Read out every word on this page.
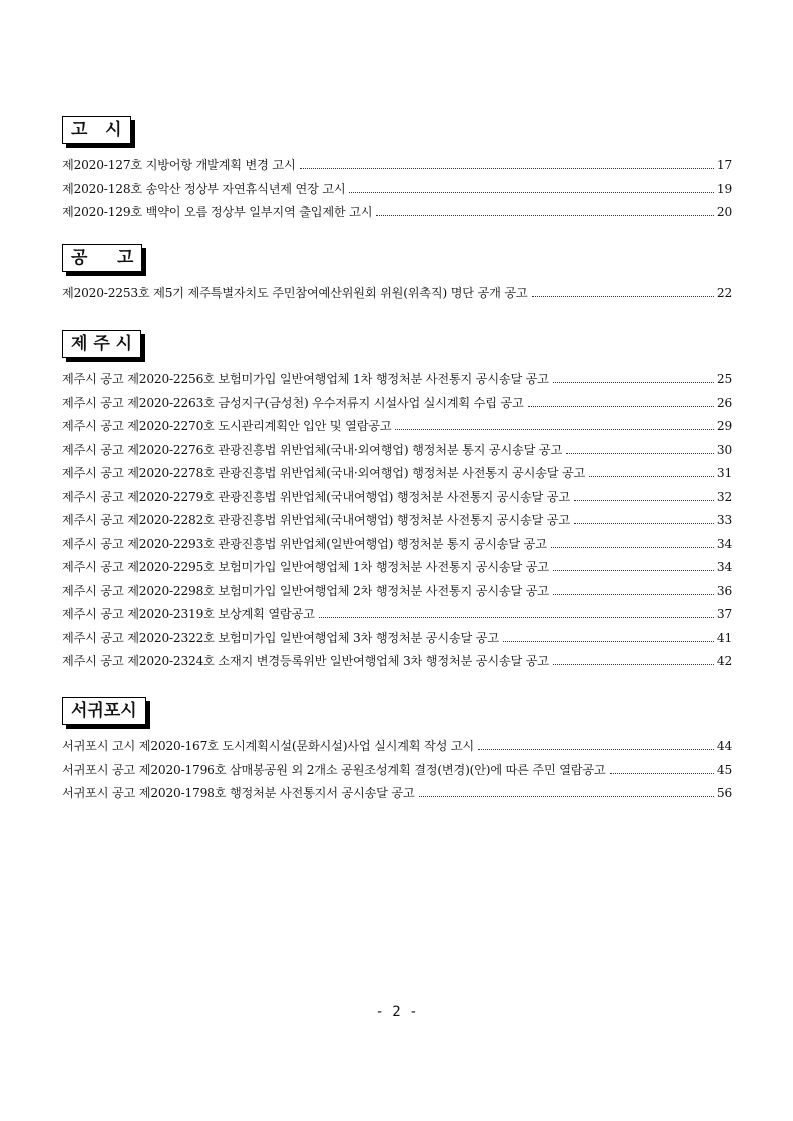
고   시
제2020-127호 지방어항 개발계획 변경 고시	17
제2020-128호 송악산 정상부 자연휴식년제 연장 고시	19
제2020-129호 백약이 오름 정상부 일부지역 출입제한 고시	20
공     고
제2020-2253호 제5기 제주특별자치도 주민참여예산위원회 위원(위촉직) 명단 공개 공고	22
제 주 시
제주시 공고 제2020-2256호 보험미가입 일반여행업체 1차 행정처분 사전통지 공시송달 공고	25
제주시 공고 제2020-2263호 금성지구(금성천) 우수저류지 시설사업 실시계획 수립 공고	26
제주시 공고 제2020-2270호 도시관리계획안 입안 및 열람공고	29
제주시 공고 제2020-2276호 관광진흥법 위반업체(국내·외여행업) 행정처분 통지 공시송달 공고	30
제주시 공고 제2020-2278호 관광진흥법 위반업체(국내·외여행업) 행정처분 사전통지 공시송달 공고	31
제주시 공고 제2020-2279호 관광진흥법 위반업체(국내여행업) 행정처분 사전통지 공시송달 공고	32
제주시 공고 제2020-2282호 관광진흥법 위반업체(국내여행업) 행정처분 사전통지 공시송달 공고	33
제주시 공고 제2020-2293호 관광진흥법 위반업체(일반여행업) 행정처분 통지 공시송달 공고	34
제주시 공고 제2020-2295호 보험미가입 일반여행업체 1차 행정처분 사전통지 공시송달 공고	34
제주시 공고 제2020-2298호 보험미가입 일반여행업체 2차 행정처분 사전통지 공시송달 공고	36
제주시 공고 제2020-2319호 보상계획 열람공고	37
제주시 공고 제2020-2322호 보험미가입 일반여행업체 3차 행정처분 공시송달 공고	41
제주시 공고 제2020-2324호 소재지 변경등록위반 일반여행업체 3차 행정처분 공시송달 공고	42
서귀포시
서귀포시 고시 제2020-167호 도시계획시설(문화시설)사업 실시계획 작성 고시	44
서귀포시 공고 제2020-1796호 삼매봉공원 외 2개소 공원조성계획 결정(변경)(안)에 따른 주민 열람공고	45
서귀포시 공고 제2020-1798호 행정처분 사전통지서 공시송달 공고	56
- 2 -
